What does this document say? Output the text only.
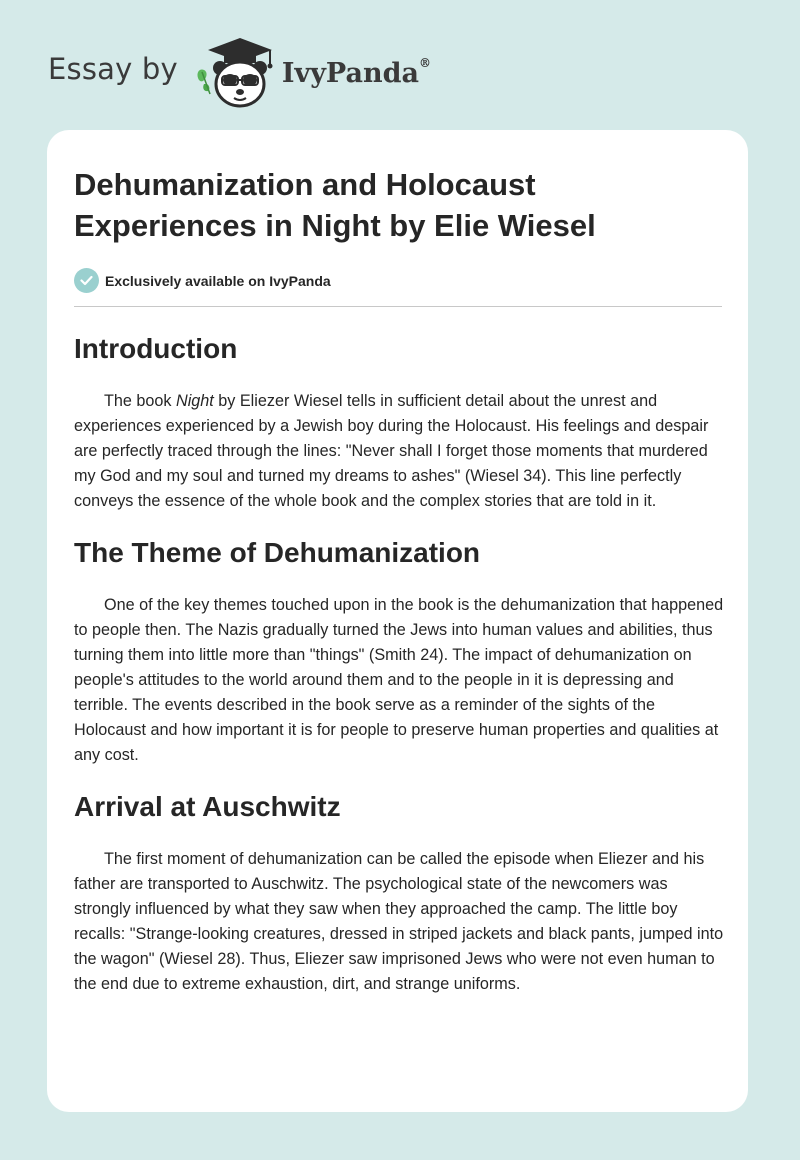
Essay by	IvyPanda®
Dehumanization and Holocaust Experiences in Night by Elie Wiesel
Exclusively available on IvyPanda
Introduction

The book Night by Eliezer Wiesel tells in sufficient detail about the unrest and experiences experienced by a Jewish boy during the Holocaust. His feelings and despair are perfectly traced through the lines: "Never shall I forget those moments that murdered my God and my soul and turned my dreams to ashes" (Wiesel 34). This line perfectly conveys the essence of the whole book and the complex stories that are told in it.

The Theme of Dehumanization

One of the key themes touched upon in the book is the dehumanization that happened to people then. The Nazis gradually turned the Jews into human values and abilities, thus turning them into little more than "things" (Smith 24). The impact of dehumanization on people's attitudes to the world around them and to the people in it is depressing and terrible. The events described in the book serve as a reminder of the sights of the Holocaust and how important it is for people to preserve human properties and qualities at any cost.

Arrival at Auschwitz

The first moment of dehumanization can be called the episode when Eliezer and his father are transported to Auschwitz. The psychological state of the newcomers was strongly influenced by what they saw when they approached the camp. The little boy recalls: "Strange-looking creatures, dressed in striped jackets and black pants, jumped into the wagon" (Wiesel 28). Thus, Eliezer saw imprisoned Jews who were not even human to the end due to extreme exhaustion, dirt, and strange uniforms.
